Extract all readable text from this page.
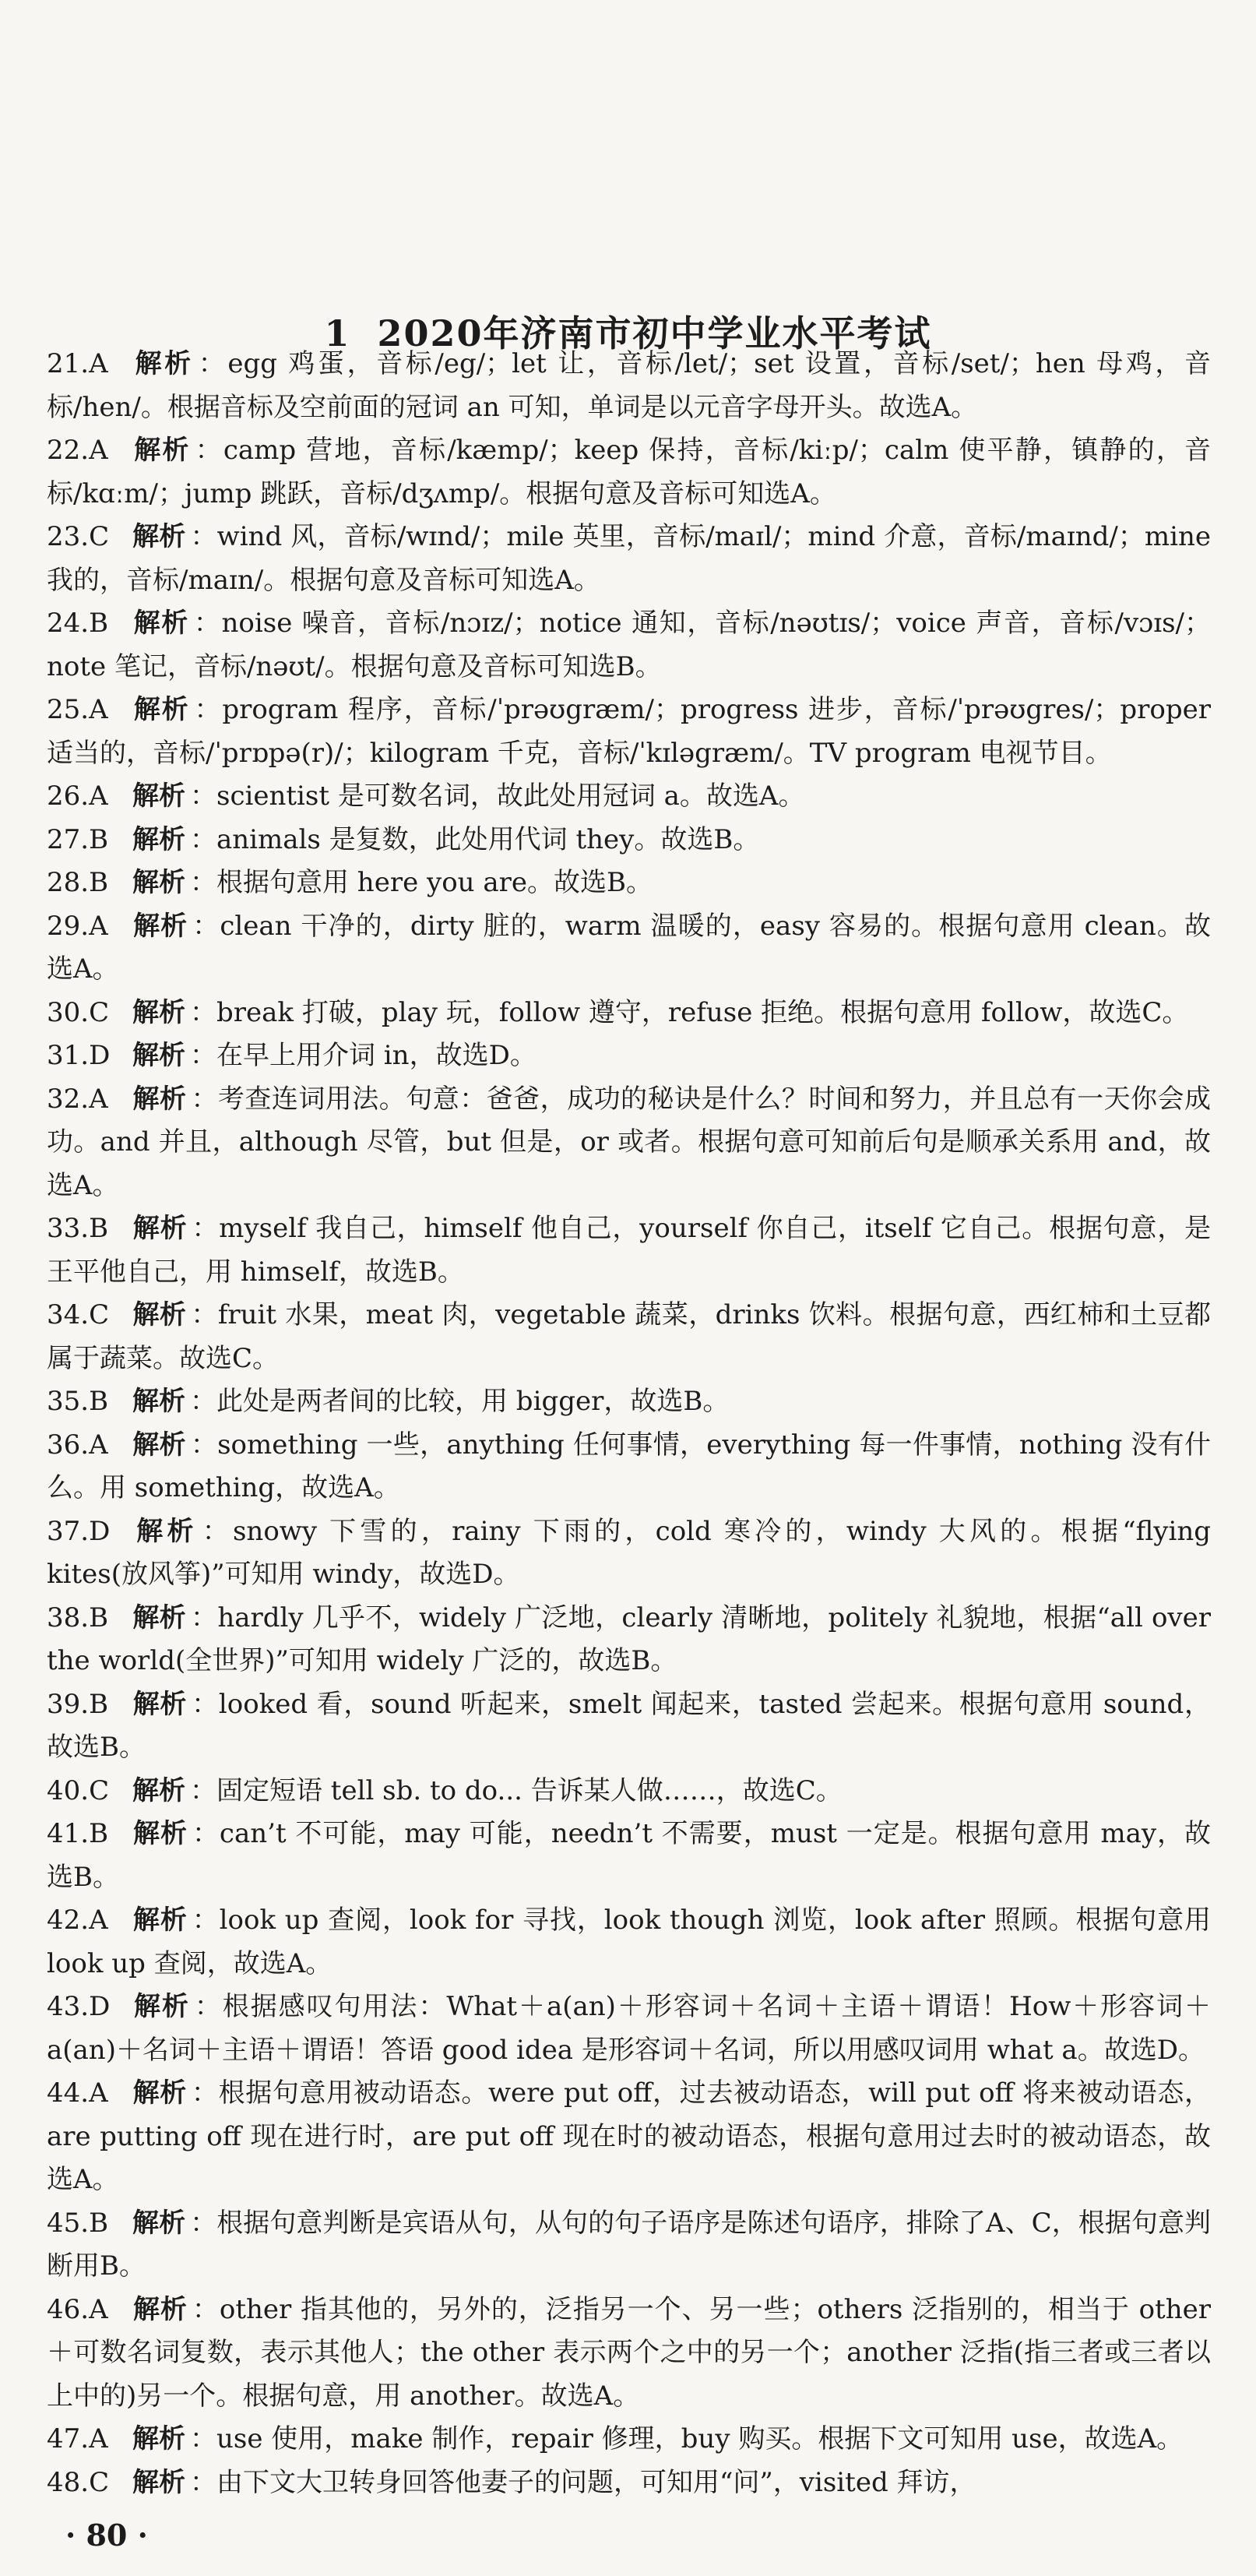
1 2020年济南市初中学业水平考试
21.A 解析 ：egg 鸡蛋，音标/eg/；let 让，音标/let/；set 设置，音标/set/；hen 母鸡，音标/hen/。根据音标及空前面的冠词 an 可知，单词是以元音字母开头。故选A。
22.A 解析 ：camp 营地，音标/kæmp/；keep 保持，音标/kiːp/；calm 使平静，镇静的，音标/kɑːm/；jump 跳跃，音标/dʒʌmp/。根据句意及音标可知选A。
23.C 解析 ：wind 风，音标/wɪnd/；mile 英里，音标/maɪl/；mind 介意，音标/maɪnd/；mine 我的，音标/maɪn/。根据句意及音标可知选A。
24.B 解析 ：noise 噪音，音标/nɔɪz/；notice 通知，音标/nəʊtɪs/；voice 声音，音标/vɔɪs/；note 笔记，音标/nəʊt/。根据句意及音标可知选B。
25.A 解析 ：program 程序，音标/ˈprəʊgræm/；progress 进步，音标/ˈprəʊgres/；proper 适当的，音标/ˈprɒpə(r)/；kilogram 千克，音标/ˈkɪləgræm/。TV program 电视节目。
26.A 解析 ：scientist 是可数名词，故此处用冠词 a。故选A。
27.B 解析 ：animals 是复数，此处用代词 they。故选B。
28.B 解析 ：根据句意用 here you are。故选B。
29.A 解析 ：clean 干净的，dirty 脏的，warm 温暖的，easy 容易的。根据句意用 clean。故选A。
30.C 解析 ：break 打破，play 玩，follow 遵守，refuse 拒绝。根据句意用 follow，故选C。
31.D 解析 ：在早上用介词 in，故选D。
32.A 解析 ：考查连词用法。句意：爸爸，成功的秘诀是什么？时间和努力，并且总有一天你会成功。and 并且，although 尽管，but 但是，or 或者。根据句意可知前后句是顺承关系用 and，故选A。
33.B 解析 ：myself 我自己，himself 他自己，yourself 你自己，itself 它自己。根据句意，是王平他自己，用 himself，故选B。
34.C 解析 ：fruit 水果，meat 肉，vegetable 蔬菜，drinks 饮料。根据句意，西红柿和土豆都属于蔬菜。故选C。
35.B 解析 ：此处是两者间的比较，用 bigger，故选B。
36.A 解析 ：something 一些，anything 任何事情，everything 每一件事情，nothing 没有什么。用 something，故选A。
37.D 解析 ：snowy 下雪的，rainy 下雨的，cold 寒冷的，windy 大风的。根据“flying kites(放风筝)”可知用 windy，故选D。
38.B 解析 ：hardly 几乎不，widely 广泛地，clearly 清晰地，politely 礼貌地，根据“all over the world(全世界)”可知用 widely 广泛的，故选B。
39.B 解析 ：looked 看，sound 听起来，smelt 闻起来，tasted 尝起来。根据句意用 sound，故选B。
40.C 解析 ：固定短语 tell sb. to do... 告诉某人做……，故选C。
41.B 解析 ：can’t 不可能，may 可能，needn’t 不需要，must 一定是。根据句意用 may，故选B。
42.A 解析 ：look up 查阅，look for 寻找，look though 浏览，look after 照顾。根据句意用 look up 查阅，故选A。
43.D 解析 ：根据感叹句用法：What＋a(an)＋形容词＋名词＋主语＋谓语！How＋形容词＋a(an)＋名词＋主语＋谓语！答语 good idea 是形容词＋名词，所以用感叹词用 what a。故选D。
44.A 解析 ：根据句意用被动语态。were put off，过去被动语态，will put off 将来被动语态，are putting off 现在进行时，are put off 现在时的被动语态，根据句意用过去时的被动语态，故选A。
45.B 解析 ：根据句意判断是宾语从句，从句的句子语序是陈述句语序，排除了A、C，根据句意判断用B。
46.A 解析 ：other 指其他的，另外的，泛指另一个、另一些；others 泛指别的，相当于 other＋可数名词复数，表示其他人；the other 表示两个之中的另一个；another 泛指(指三者或三者以上中的)另一个。根据句意，用 another。故选A。
47.A 解析 ：use 使用，make 制作，repair 修理，buy 购买。根据下文可知用 use，故选A。
48.C 解析 ：由下文大卫转身回答他妻子的问题，可知用“问”，visited 拜访，
· 80 ·
